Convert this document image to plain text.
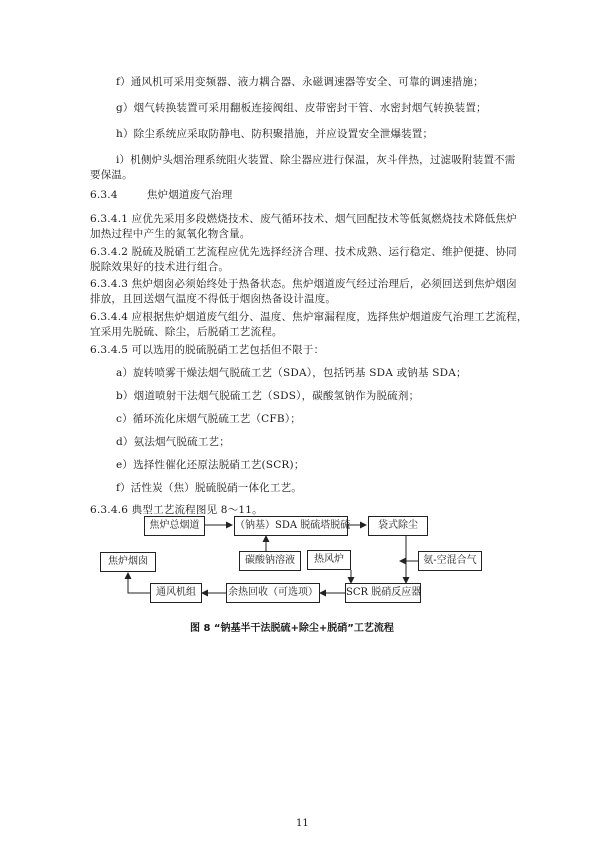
f）通风机可采用变频器、液力耦合器、永磁调速器等安全、可靠的调速措施；
g）烟气转换装置可采用翻板连接阀组、皮带密封干管、水密封烟气转换装置；
h）除尘系统应采取防静电、防积聚措施，并应设置安全泄爆装置；
i）机侧炉头烟治理系统阻火装置、除尘器应进行保温，灰斗伴热，过滤吸附装置不需
要保温。
6.3.4	焦炉烟道废气治理
6.3.4.1 应优先采用多段燃烧技术、废气循环技术、烟气回配技术等低氮燃烧技术降低焦炉
加热过程中产生的氮氧化物含量。
6.3.4.2 脱硫及脱硝工艺流程应优先选择经济合理、技术成熟、运行稳定、维护便捷、协同
脱除效果好的技术进行组合。
6.3.4.3 焦炉烟囱必须始终处于热备状态。焦炉烟道废气经过治理后，必须回送到焦炉烟囱
排放，且回送烟气温度不得低于烟囱热备设计温度。
6.3.4.4 应根据焦炉烟道废气组分、温度、焦炉窜漏程度，选择焦炉烟道废气治理工艺流程，
宜采用先脱硫、除尘，后脱硝工艺流程。
6.3.4.5 可以选用的脱硫脱硝工艺包括但不限于：
a）旋转喷雾干燥法烟气脱硫工艺（SDA），包括钙基 SDA 或钠基 SDA；
b）烟道喷射干法烟气脱硫工艺（SDS），碳酸氢钠作为脱硫剂；
c）循环流化床烟气脱硫工艺（CFB）；
d）氨法烟气脱硫工艺；
e）选择性催化还原法脱硝工艺(SCR)；
f）活性炭（焦）脱硫脱硝一体化工艺。
6.3.4.6 典型工艺流程图见 8～11。
焦炉总烟道	（钠基）SDA 脱硫塔脱硫	袋式除尘
焦炉烟囱	碳酸钠溶液	热风炉	氨-空混合气
通风机组	余热回收（可选项）	SCR 脱硝反应器
图 8 “钠基半干法脱硫+除尘+脱硝”工艺流程
11
